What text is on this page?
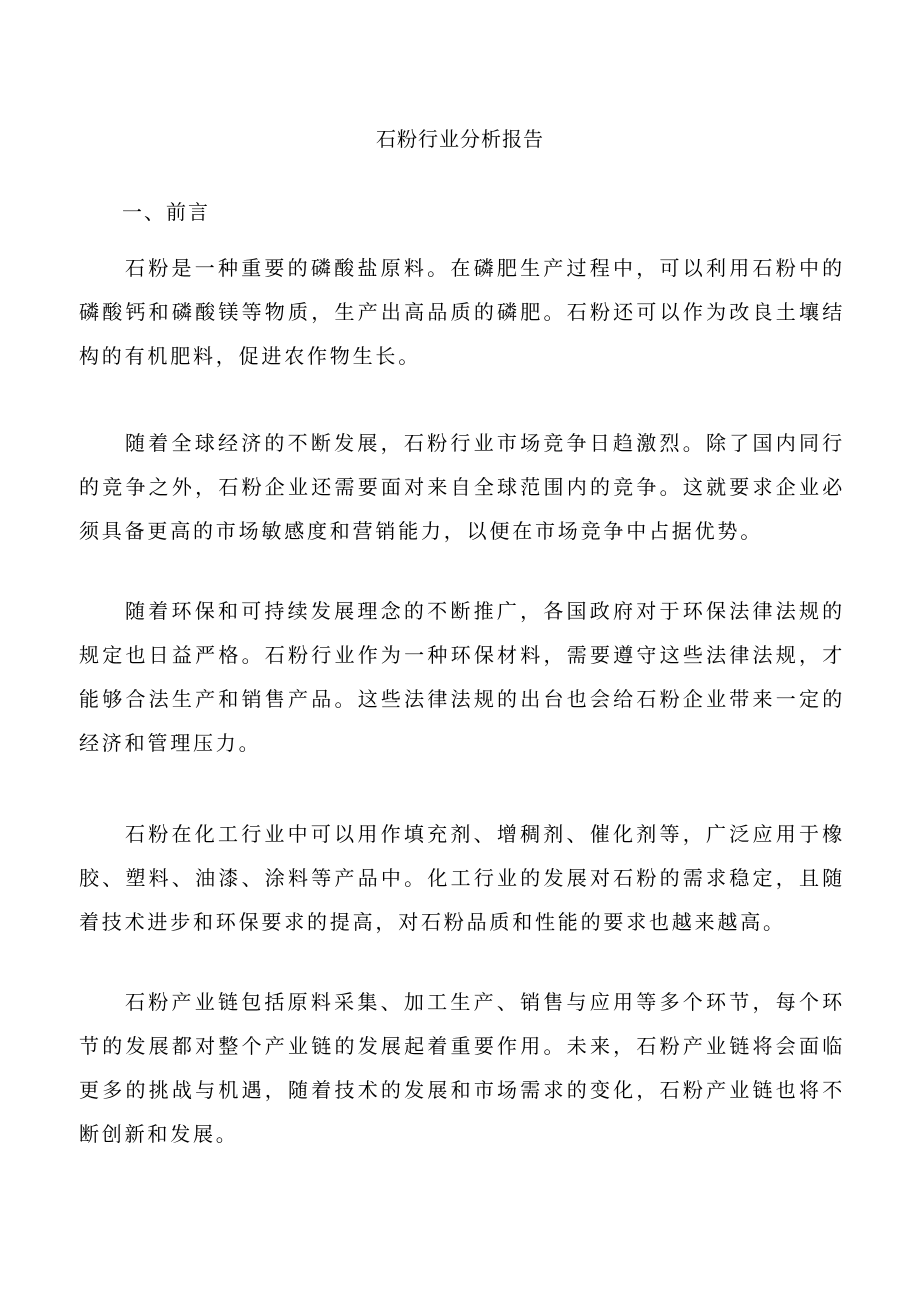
石粉行业分析报告
一、前言

石粉是一种重要的磷酸盐原料。在磷肥生产过程中，可以利用石粉中的磷酸钙和磷酸镁等物质，生产出高品质的磷肥。石粉还可以作为改良土壤结构的有机肥料，促进农作物生长。

随着全球经济的不断发展，石粉行业市场竞争日趋激烈。除了国内同行的竞争之外，石粉企业还需要面对来自全球范围内的竞争。这就要求企业必须具备更高的市场敏感度和营销能力，以便在市场竞争中占据优势。

随着环保和可持续发展理念的不断推广，各国政府对于环保法律法规的规定也日益严格。石粉行业作为一种环保材料，需要遵守这些法律法规，才能够合法生产和销售产品。这些法律法规的出台也会给石粉企业带来一定的经济和管理压力。

石粉在化工行业中可以用作填充剂、增稠剂、催化剂等，广泛应用于橡胶、塑料、油漆、涂料等产品中。化工行业的发展对石粉的需求稳定，且随着技术进步和环保要求的提高，对石粉品质和性能的要求也越来越高。

石粉产业链包括原料采集、加工生产、销售与应用等多个环节，每个环节的发展都对整个产业链的发展起着重要作用。未来，石粉产业链将会面临更多的挑战与机遇，随着技术的发展和市场需求的变化，石粉产业链也将不断创新和发展。
